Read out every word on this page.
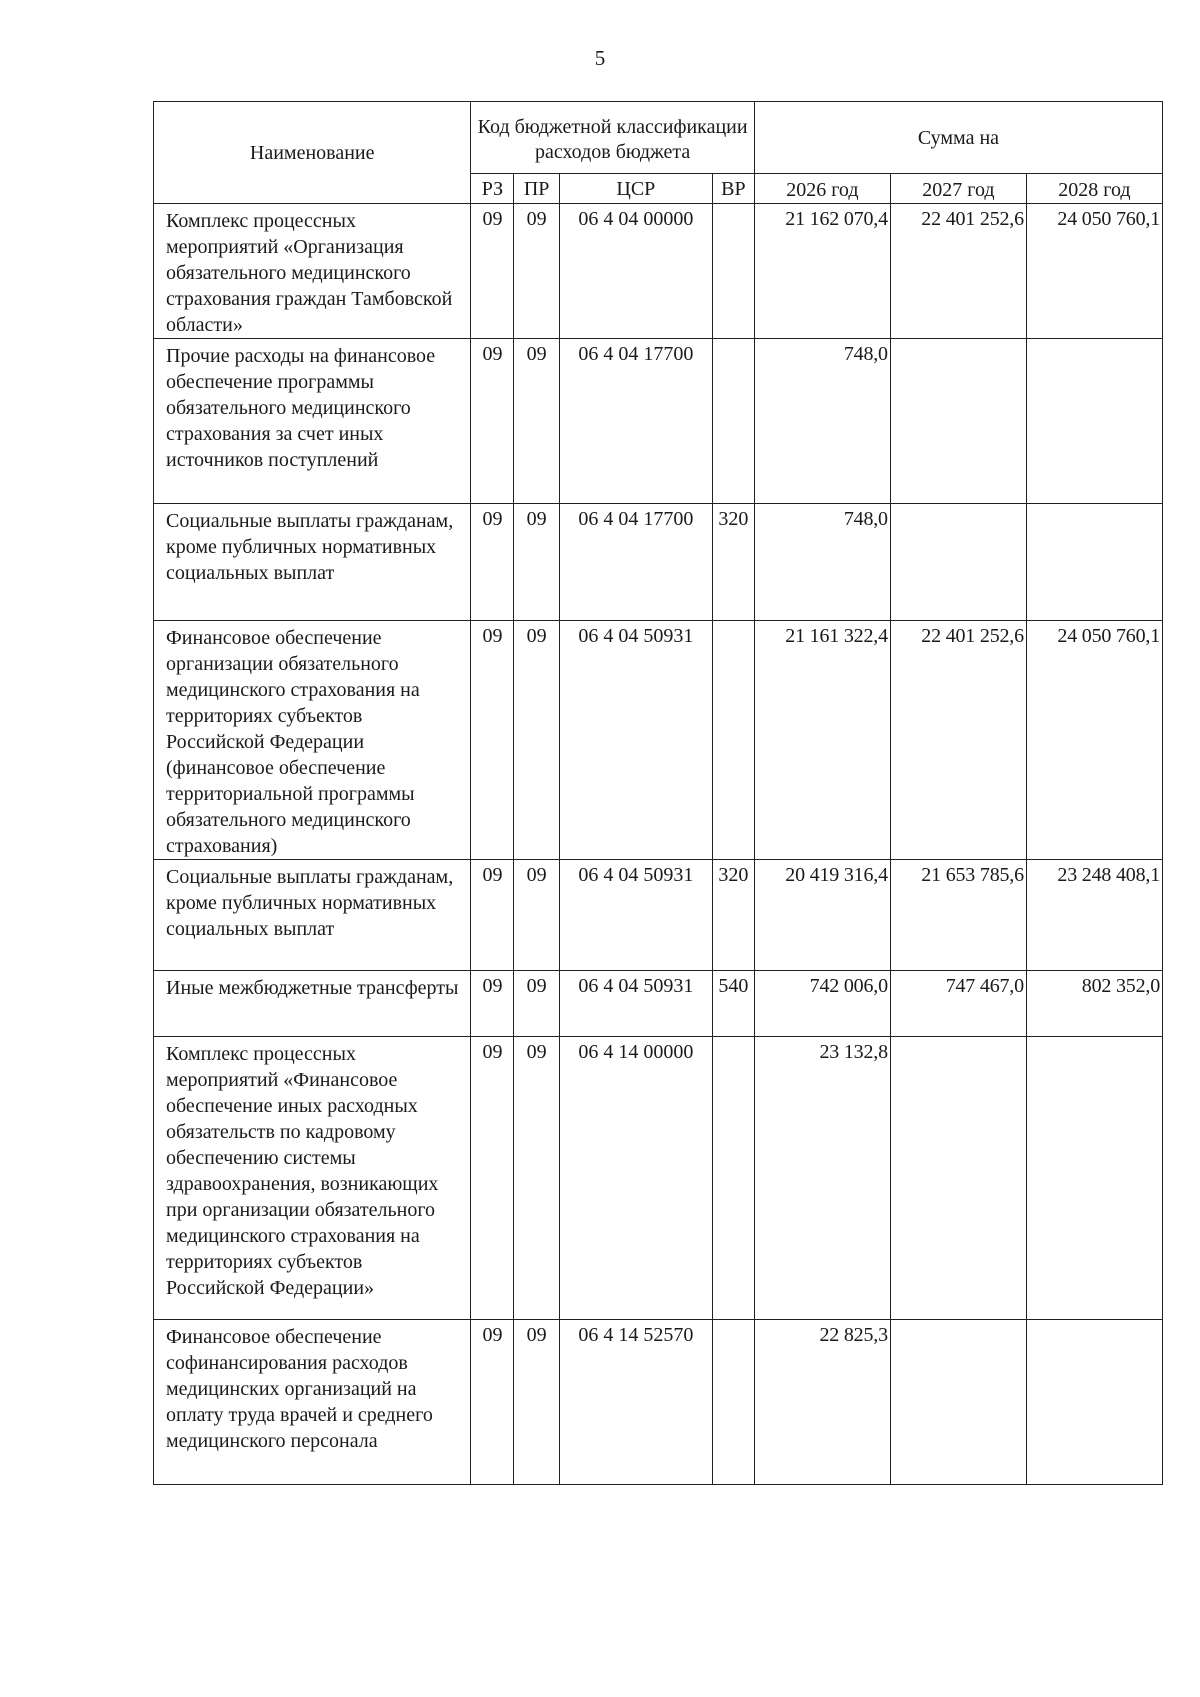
5
Наименование	Код бюджетной классификации расходов бюджета				Сумма на		
	РЗ	ПР	ЦСР	ВР	2026 год	2027 год	2028 год
Комплекс процессных мероприятий «Организация обязательного медицинского страхования граждан Тамбовской области»	09	09	06 4 04 00000		21 162 070,4	22 401 252,6	24 050 760,1
Прочие расходы на финансовое обеспечение программы обязательного медицинского страхования за счет иных источников поступлений	09	09	06 4 04 17700		748,0		
Социальные выплаты гражданам, кроме публичных нормативных социальных выплат	09	09	06 4 04 17700	320	748,0		
Финансовое обеспечение организации обязательного медицинского страхования на территориях субъектов Российской Федерации (финансовое обеспечение территориальной программы обязательного медицинского страхования)	09	09	06 4 04 50931		21 161 322,4	22 401 252,6	24 050 760,1
Социальные выплаты гражданам, кроме публичных нормативных социальных выплат	09	09	06 4 04 50931	320	20 419 316,4	21 653 785,6	23 248 408,1
Иные межбюджетные трансферты	09	09	06 4 04 50931	540	742 006,0	747 467,0	802 352,0
Комплекс процессных мероприятий «Финансовое обеспечение иных расходных обязательств по кадровому обеспечению системы здравоохранения, возникающих при организации обязательного медицинского страхования на территориях субъектов Российской Федерации»	09	09	06 4 14 00000		23 132,8		
Финансовое обеспечение софинансирования расходов медицинских организаций на оплату труда врачей и среднего медицинского персонала	09	09	06 4 14 52570		22 825,3		
